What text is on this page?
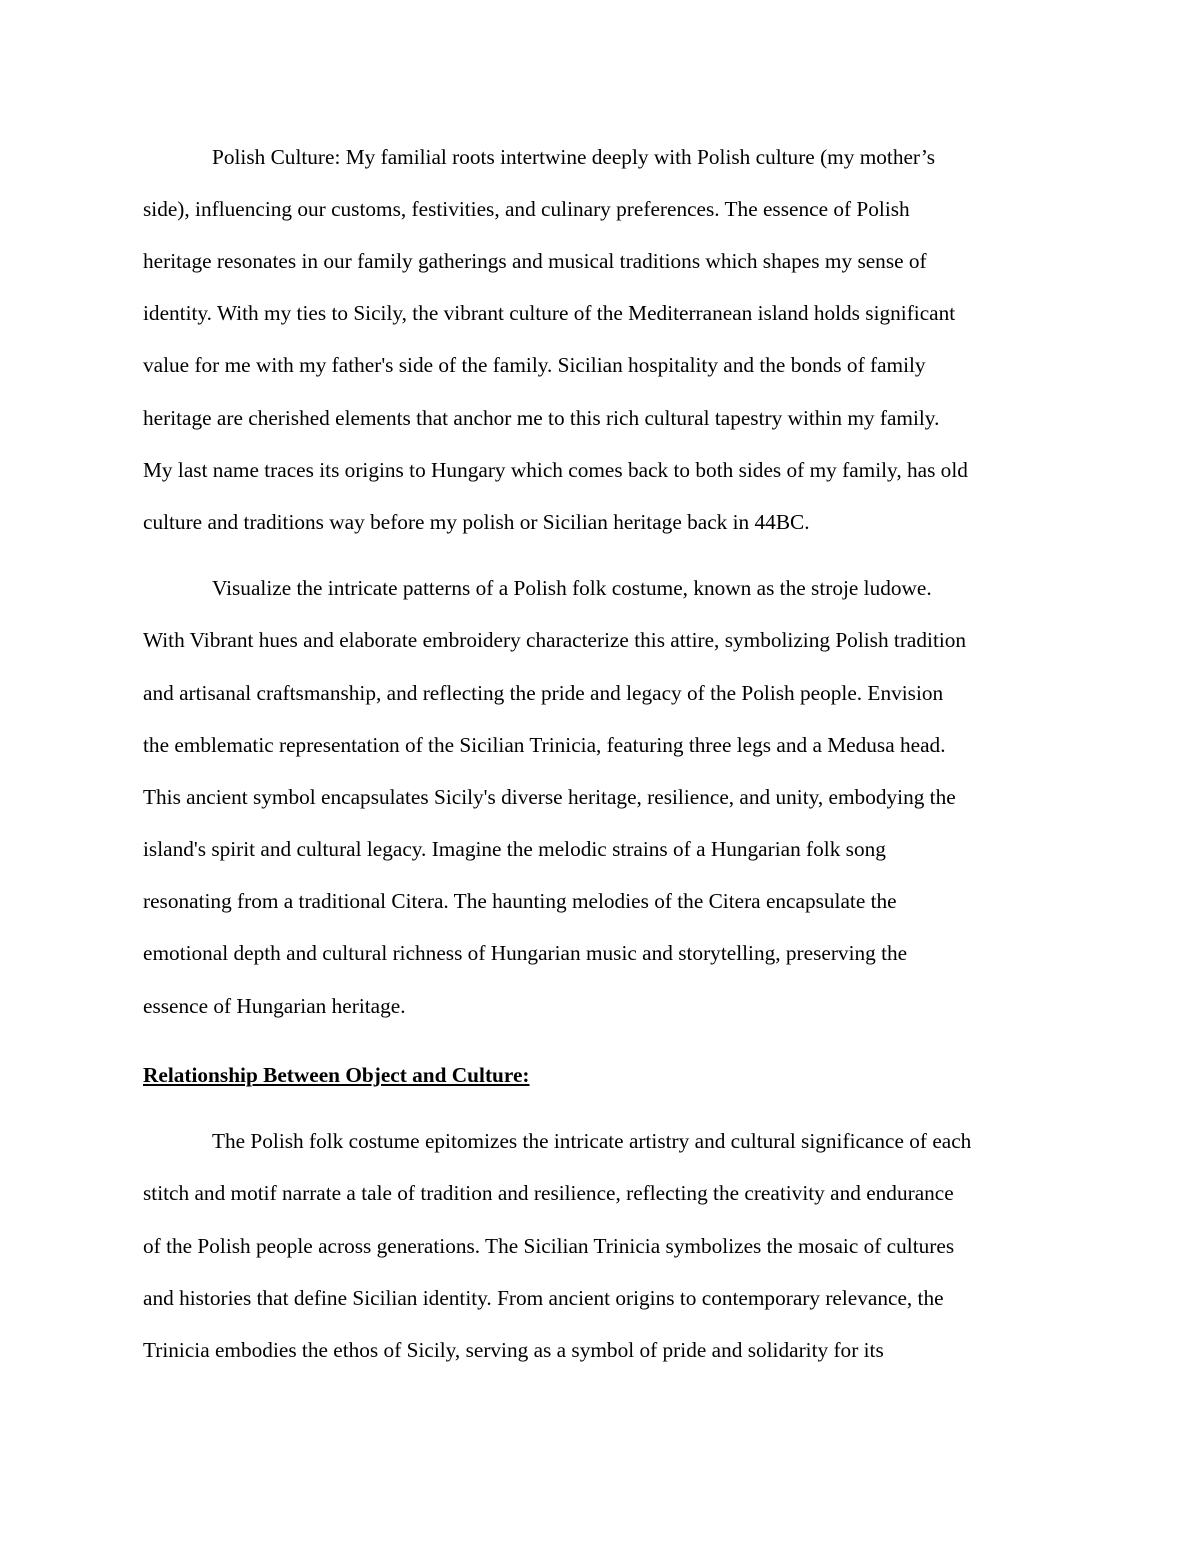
Polish Culture: My familial roots intertwine deeply with Polish culture (my mother’s

side), influencing our customs, festivities, and culinary preferences. The essence of Polish

heritage resonates in our family gatherings and musical traditions which shapes my sense of

identity. With my ties to Sicily, the vibrant culture of the Mediterranean island holds significant

value for me with my father's side of the family. Sicilian hospitality and the bonds of family

heritage are cherished elements that anchor me to this rich cultural tapestry within my family.

My last name traces its origins to Hungary which comes back to both sides of my family, has old

culture and traditions way before my polish or Sicilian heritage back in 44BC.

Visualize the intricate patterns of a Polish folk costume, known as the stroje ludowe.

With Vibrant hues and elaborate embroidery characterize this attire, symbolizing Polish tradition

and artisanal craftsmanship, and reflecting the pride and legacy of the Polish people. Envision

the emblematic representation of the Sicilian Trinicia, featuring three legs and a Medusa head.

This ancient symbol encapsulates Sicily's diverse heritage, resilience, and unity, embodying the

island's spirit and cultural legacy. Imagine the melodic strains of a Hungarian folk song

resonating from a traditional Citera. The haunting melodies of the Citera encapsulate the

emotional depth and cultural richness of Hungarian music and storytelling, preserving the

essence of Hungarian heritage.

Relationship Between Object and Culture:

The Polish folk costume epitomizes the intricate artistry and cultural significance of each

stitch and motif narrate a tale of tradition and resilience, reflecting the creativity and endurance

of the Polish people across generations. The Sicilian Trinicia symbolizes the mosaic of cultures

and histories that define Sicilian identity. From ancient origins to contemporary relevance, the

Trinicia embodies the ethos of Sicily, serving as a symbol of pride and solidarity for its
